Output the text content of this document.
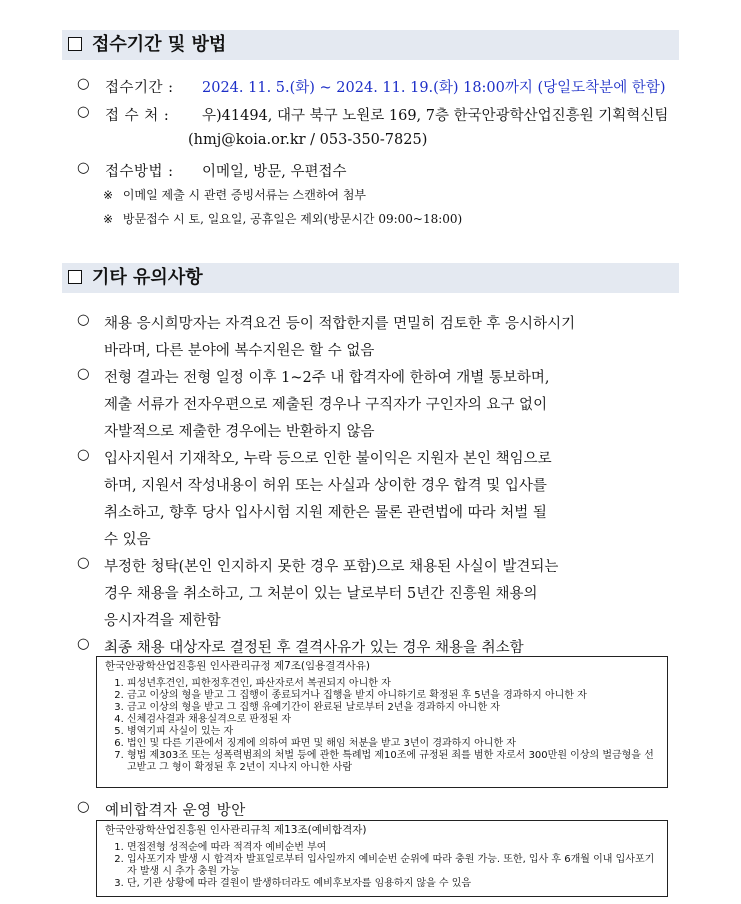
접수기간 및 방법
○ 접수기간 : 2024. 11. 5.(화) ~ 2024. 11. 19.(화) 18:00까지 (당일도착분에 한함)
○ 접 수 처 : 우)41494, 대구 북구 노원로 169, 7층 한국안광학산업진흥원 기획혁신팀
(hmj@koia.or.kr / 053-350-7825)
○ 접수방법 : 이메일, 방문, 우편접수
※ 이메일 제출 시 관련 증빙서류는 스캔하여 첨부
※ 방문접수 시 토, 일요일, 공휴일은 제외(방문시간 09:00~18:00)
기타 유의사항
○ 채용 응시희망자는 자격요건 등이 적합한지를 면밀히 검토한 후 응시하시기
바라며, 다른 분야에 복수지원은 할 수 없음
○ 전형 결과는 전형 일정 이후 1~2주 내 합격자에 한하여 개별 통보하며,
제출 서류가 전자우편으로 제출된 경우나 구직자가 구인자의 요구 없이
자발적으로 제출한 경우에는 반환하지 않음
○ 입사지원서 기재착오, 누락 등으로 인한 불이익은 지원자 본인 책임으로
하며, 지원서 작성내용이 허위 또는 사실과 상이한 경우 합격 및 입사를
취소하고, 향후 당사 입사시험 지원 제한은 물론 관련법에 따라 처벌 될
수 있음
○ 부정한 청탁(본인 인지하지 못한 경우 포함)으로 채용된 사실이 발견되는
경우 채용을 취소하고, 그 처분이 있는 날로부터 5년간 진흥원 채용의
응시자격을 제한함
○ 최종 채용 대상자로 결정된 후 결격사유가 있는 경우 채용을 취소함
한국안광학산업진흥원 인사관리규정 제7조(임용결격사유)
1. 피성년후견인, 피한정후견인, 파산자로서 복권되지 아니한 자
2. 금고 이상의 형을 받고 그 집행이 종료되거나 집행을 받지 아니하기로 확정된 후 5년을 경과하지 아니한 자
3. 금고 이상의 형을 받고 그 집행 유예기간이 완료된 날로부터 2년을 경과하지 아니한 자
4. 신체검사결과 채용실격으로 판정된 자
5. 병역기피 사실이 있는 자
6. 법인 및 다른 기관에서 징계에 의하여 파면 및 해임 처분을 받고 3년이 경과하지 아니한 자
7. 형법 제303조 또는 성폭력범죄의 처벌 등에 관한 특례법 제10조에 규정된 죄를 범한 자로서 300만원 이상의 벌금형을 선고받고 그 형이 확정된 후 2년이 지나지 아니한 사람
○ 예비합격자 운영 방안
한국안광학산업진흥원 인사관리규칙 제13조(예비합격자)
1. 면접전형 성적순에 따라 적격자 예비순번 부여
2. 입사포기자 발생 시 합격자 발표일로부터 입사일까지 예비순번 순위에 따라 충원 가능. 또한, 입사 후 6개월 이내 입사포기자 발생 시 추가 충원 가능
3. 단, 기관 상황에 따라 결원이 발생하더라도 예비후보자를 임용하지 않을 수 있음
